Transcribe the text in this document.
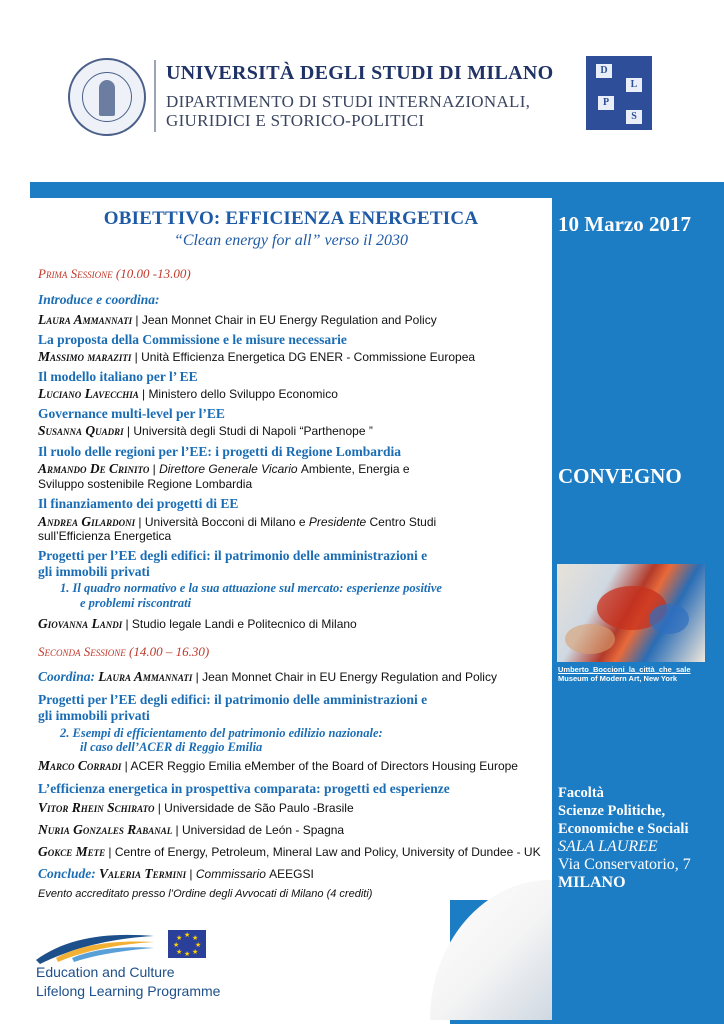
UNIVERSITÀ DEGLI STUDI DI MILANO
DIPARTIMENTO DI STUDI INTERNAZIONALI,
GIURIDICI E STORICO-POLITICI
D
L
P
S
OBIETTIVO: EFFICIENZA ENERGETICA
“Clean energy for all” verso il 2030
Prima Sessione (10.00 -13.00)
Introduce e coordina:
Laura Ammannati | Jean Monnet Chair in EU Energy Regulation and Policy
La proposta della Commissione e le misure necessarie
Massimo maraziti | Unità Efficienza Energetica DG ENER - Commissione Europea
Il modello italiano per l’ EE
Luciano Lavecchia | Ministero dello Sviluppo Economico
Governance multi-level per l’EE
Susanna Quadri | Università degli Studi di Napoli “Parthenope ”
Il ruolo delle regioni per l’EE: i progetti di Regione Lombardia
Armando De Crinito | Direttore Generale Vicario Ambiente, Energia e
Sviluppo sostenibile Regione Lombardia
Il finanziamento dei progetti di EE
Andrea Gilardoni | Università Bocconi di Milano e Presidente Centro Studi
sull’Efficienza Energetica
Progetti per l’EE degli edifici: il patrimonio delle amministrazioni e
gli immobili privati
1. Il quadro normativo e la sua attuazione sul mercato: esperienze positive
e problemi riscontrati
Giovanna Landi | Studio legale Landi e Politecnico di Milano
Seconda Sessione (14.00 – 16.30)
Coordina: Laura Ammannati | Jean Monnet Chair in EU Energy Regulation and Policy
Progetti per l’EE degli edifici: il patrimonio delle amministrazioni e
gli immobili privati
2. Esempi di efficientamento del patrimonio edilizio nazionale:
il caso dell’ACER di Reggio Emilia
Marco Corradi | ACER Reggio Emilia eMember of the Board of Directors Housing Europe
L’efficienza energetica in prospettiva comparata: progetti ed esperienze
Vitor Rhein Schirato | Universidade de São Paulo -Brasile
Nuria Gonzales Rabanal | Universidad de León - Spagna
Gokce Mete | Centre of Energy, Petroleum, Mineral Law and Policy, University of Dundee - UK
Conclude: Valeria Termini | Commissario AEEGSI
Evento accreditato presso l’Ordine degli Avvocati di Milano (4 crediti)
10 Marzo 2017
CONVEGNO
Umberto_Boccioni_la_città_che_sale
Museum of Modern Art, New York
Facoltà
Scienze Politiche,
Economiche e Sociali
SALA LAUREE
Via Conservatorio, 7
MILANO
★ ★
★
★
★
★
★
★
Education and Culture
Lifelong Learning Programme
